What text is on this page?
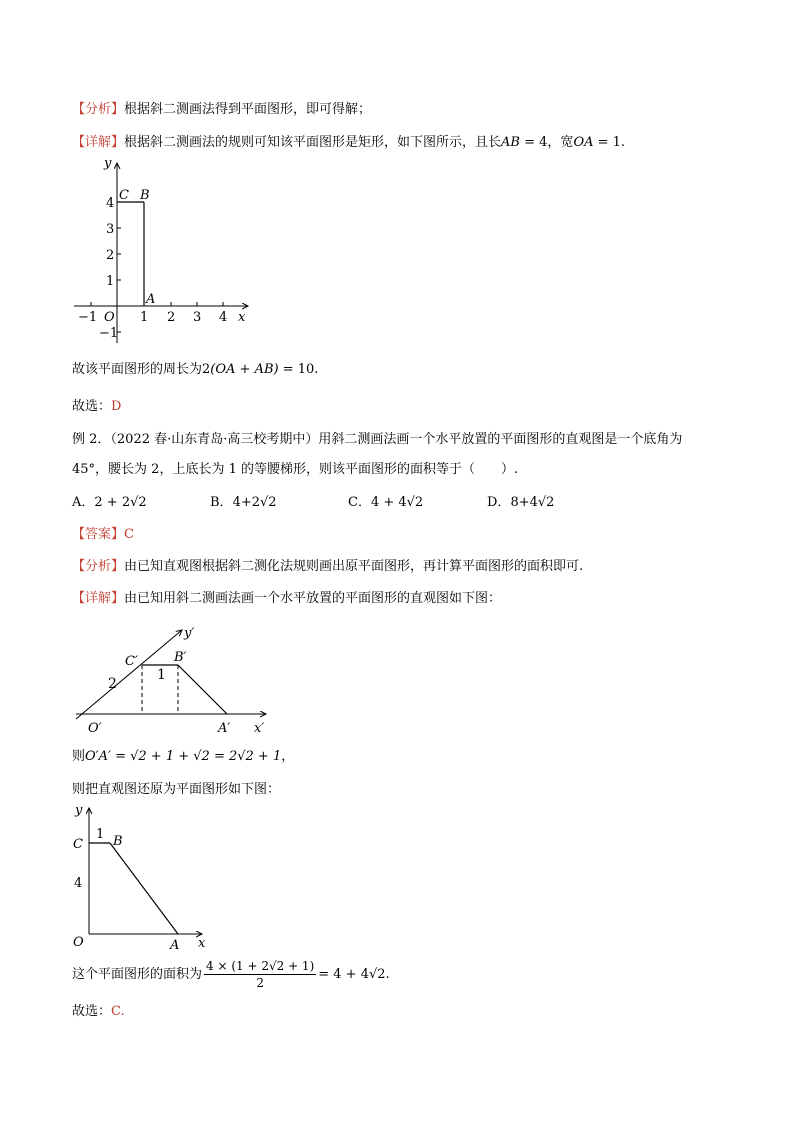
【分析】根据斜二测画法得到平面图形，即可得解；
【详解】根据斜二测画法的规则可知该平面图形是矩形，如下图所示，且长AB = 4，宽OA = 1.
y
x
O
C B
A
4
3
2
1
−1
−1	1 2 3 4
故该平面图形的周长为2(OA + AB) = 10.
故选：D
例 2．（2022 春·山东青岛·高三校考期中）用斜二测画法画一个水平放置的平面图形的直观图是一个底角为
45°，腰长为 2，上底长为 1 的等腰梯形，则该平面图形的面积等于（　　）.
A．2 + 2√2	B．4+2√2	C．4 + 4√2	D．8+4√2
【答案】C
【分析】由已知直观图根据斜二测化法规则画出原平面图形，再计算平面图形的面积即可.
【详解】由已知用斜二测画法画一个水平放置的平面图形的直观图如下图：
y′
x′
O′
C′	B′
A′
2
1
则O′A′ = √2 + 1 + √2 = 2√2 + 1，
则把直观图还原为平面图形如下图：
y
x
O
C B
A
1
4
这个平面图形的面积为 $\frac{4 \times (1 + 2√2 + 1)}{2} = 4 + 4√2$ .
故选：C.
